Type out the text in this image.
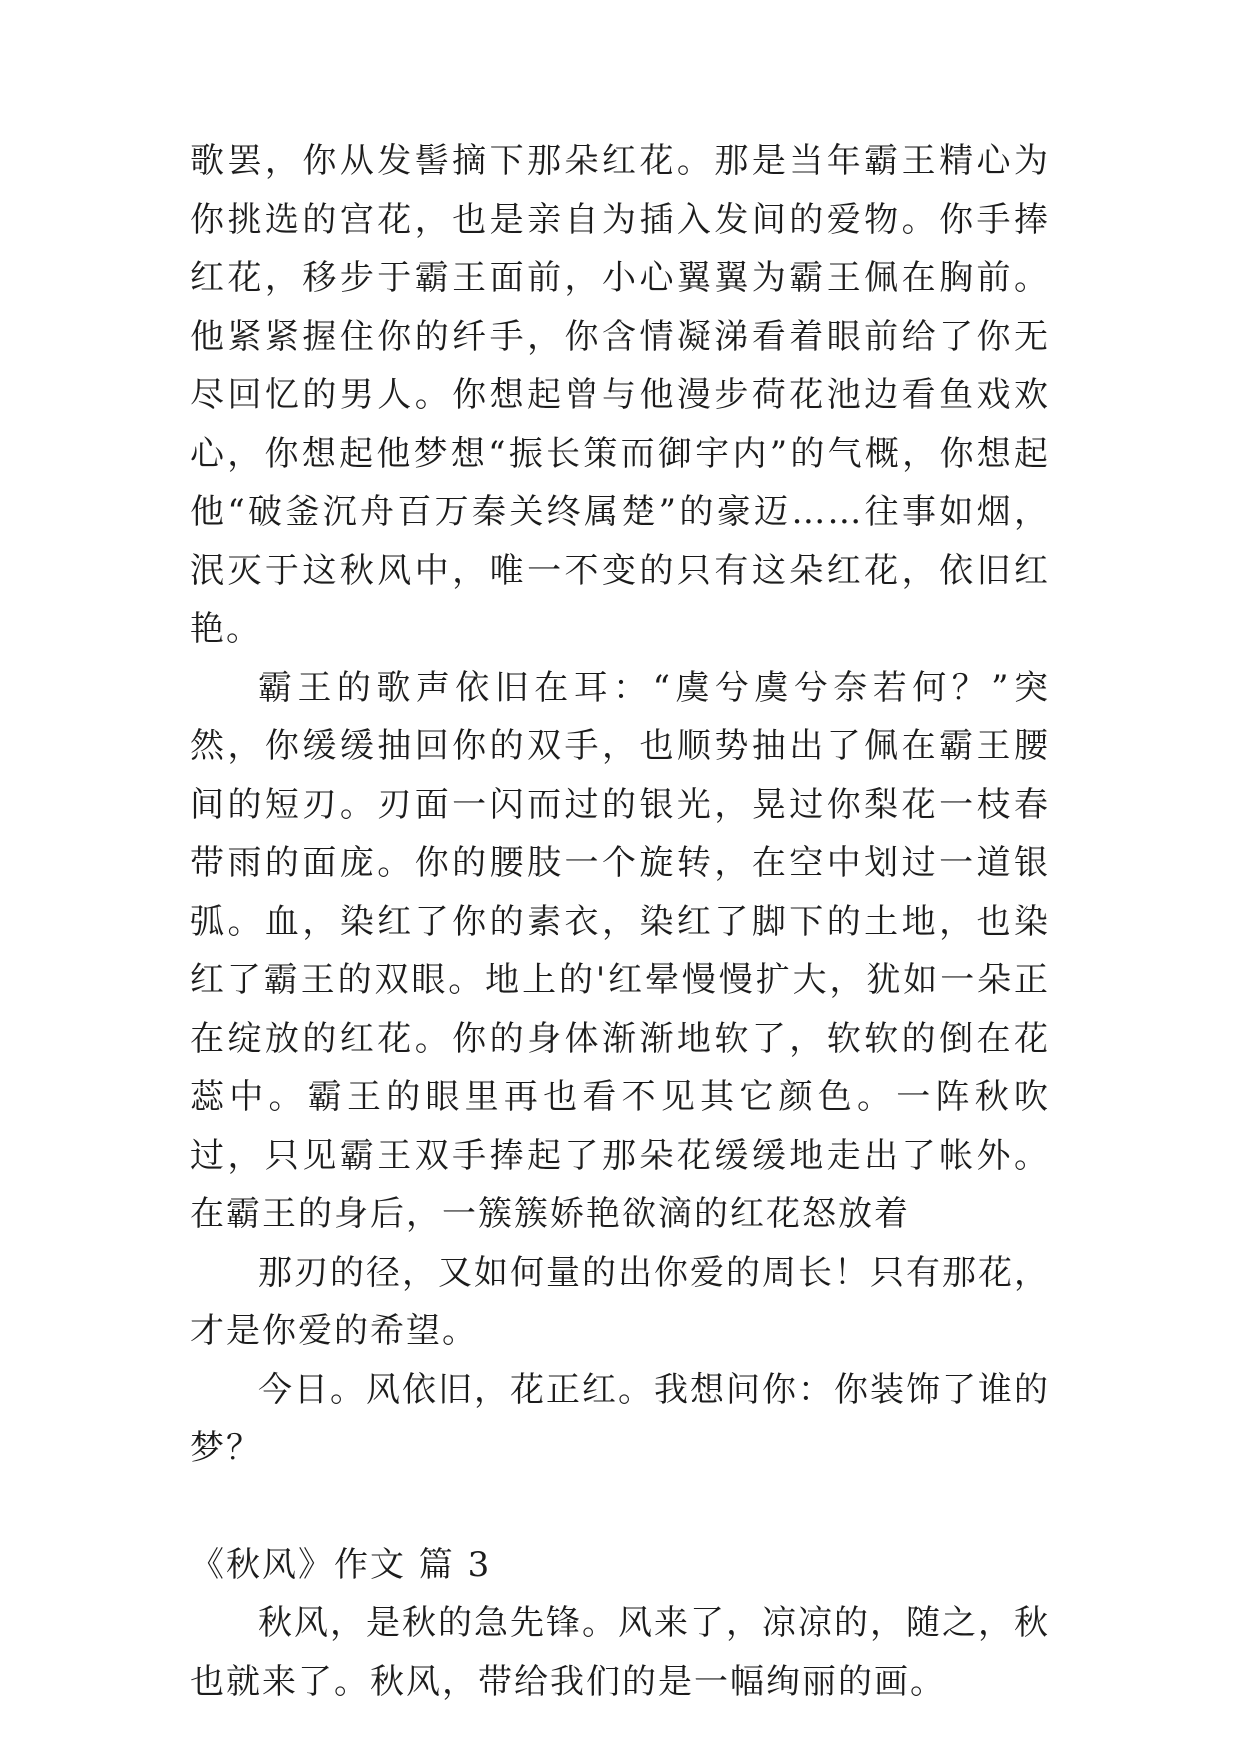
歌罢，你从发髻摘下那朵红花。那是当年霸王精心为你挑选的宫花，也是亲自为插入发间的爱物。你手捧红花，移步于霸王面前，小心翼翼为霸王佩在胸前。他紧紧握住你的纤手，你含情凝涕看着眼前给了你无尽回忆的男人。你想起曾与他漫步荷花池边看鱼戏欢心，你想起他梦想“振长策而御宇内”的气概，你想起他“破釜沉舟百万秦关终属楚”的豪迈……往事如烟，泯灭于这秋风中，唯一不变的只有这朵红花，依旧红艳。

霸王的歌声依旧在耳：“虞兮虞兮奈若何？”突然，你缓缓抽回你的双手，也顺势抽出了佩在霸王腰间的短刃。刃面一闪而过的银光，晃过你梨花一枝春带雨的面庞。你的腰肢一个旋转，在空中划过一道银弧。血，染红了你的素衣，染红了脚下的土地，也染红了霸王的双眼。地上的'红晕慢慢扩大，犹如一朵正在绽放的红花。你的身体渐渐地软了，软软的倒在花蕊中。霸王的眼里再也看不见其它颜色。一阵秋吹过，只见霸王双手捧起了那朵花缓缓地走出了帐外。在霸王的身后，一簇簇娇艳欲滴的红花怒放着

那刃的径，又如何量的出你爱的周长！只有那花，才是你爱的希望。

今日。风依旧，花正红。我想问你：你装饰了谁的梦？

《秋风》作文 篇 3

秋风，是秋的急先锋。风来了，凉凉的，随之，秋也就来了。秋风，带给我们的是一幅绚丽的画。
